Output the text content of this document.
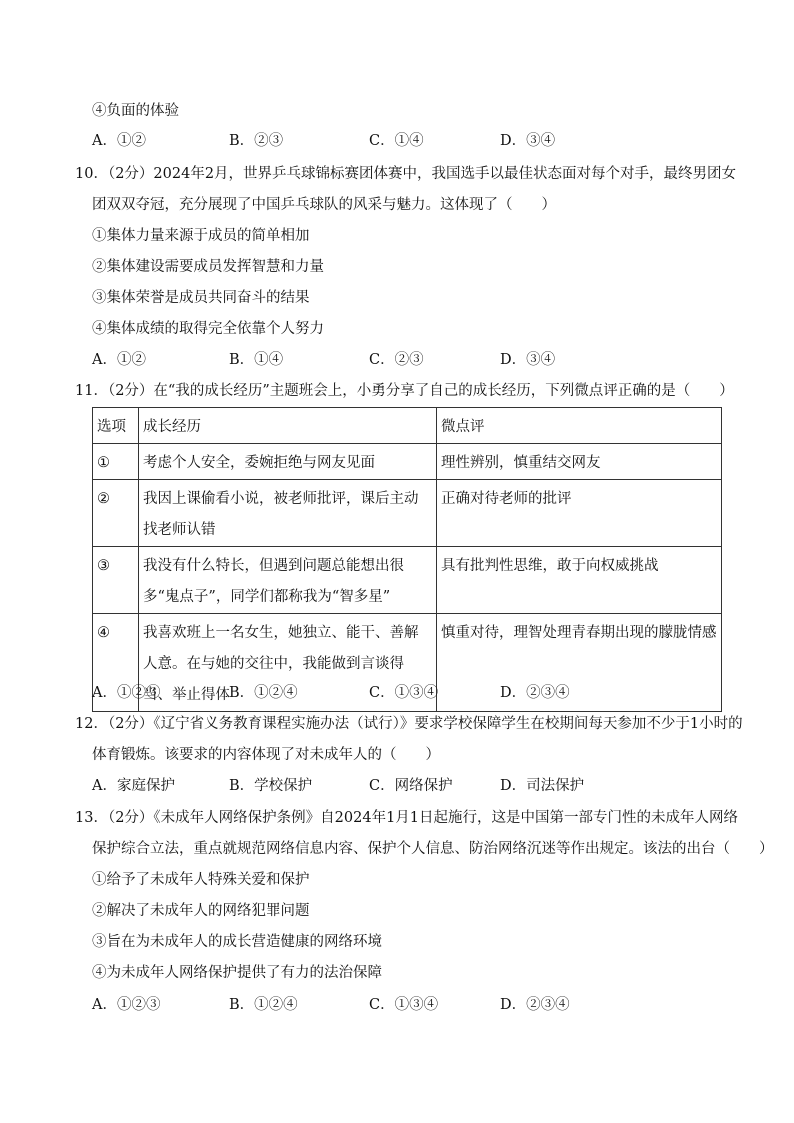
④负面的体验
A．①②	B．②③	C．①④	D．③④
10．（2分）2024年2月，世界乒乓球锦标赛团体赛中，我国选手以最佳状态面对每个对手，最终男团女
团双双夺冠，充分展现了中国乒乓球队的风采与魅力。这体现了（　　）
①集体力量来源于成员的简单相加
②集体建设需要成员发挥智慧和力量
③集体荣誉是成员共同奋斗的结果
④集体成绩的取得完全依靠个人努力
A．①②	B．①④	C．②③	D．③④
11．（2分）在“我的成长经历”主题班会上，小勇分享了自己的成长经历，下列微点评正确的是（　　）
选项	成长经历	微点评
①	考虑个人安全，委婉拒绝与网友见面	理性辨别，慎重结交网友
②	我因上课偷看小说，被老师批评，课后主动找老师认错	正确对待老师的批评
③	我没有什么特长，但遇到问题总能想出很多“鬼点子”，同学们都称我为“智多星”	具有批判性思维，敢于向权威挑战
④	我喜欢班上一名女生，她独立、能干、善解人意。在与她的交往中，我能做到言谈得当、举止得体	慎重对待，理智处理青春期出现的朦胧情感
A．①②③	B．①②④	C．①③④	D．②③④
12．（2分）《辽宁省义务教育课程实施办法（试行）》要求学校保障学生在校期间每天参加不少于1小时的
体育锻炼。该要求的内容体现了对未成年人的（　　）
A．家庭保护	B．学校保护	C．网络保护	D．司法保护
13．（2分）《未成年人网络保护条例》自2024年1月1日起施行，这是中国第一部专门性的未成年人网络
保护综合立法，重点就规范网络信息内容、保护个人信息、防治网络沉迷等作出规定。该法的出台（　　）
①给予了未成年人特殊关爱和保护
②解决了未成年人的网络犯罪问题
③旨在为未成年人的成长营造健康的网络环境
④为未成年人网络保护提供了有力的法治保障
A．①②③	B．①②④	C．①③④	D．②③④
